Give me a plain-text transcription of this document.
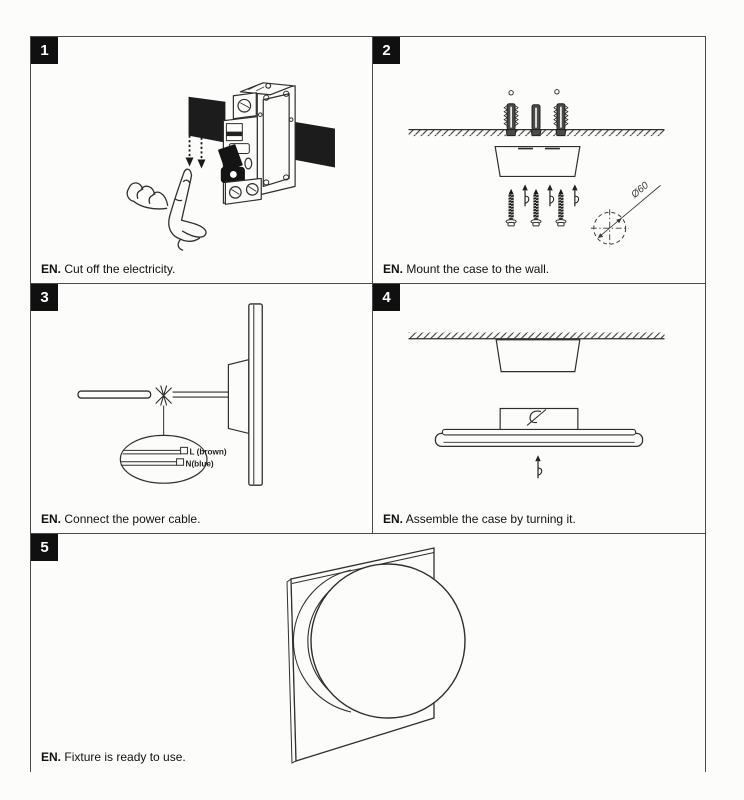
1

EN. Cut off the electricity.

2
Ø60

EN. Mount the case to the wall.

3
L (brown)
N(blue)

EN. Connect the power cable.

4

EN. Assemble the case by turning it.

5

EN. Fixture is ready to use.
